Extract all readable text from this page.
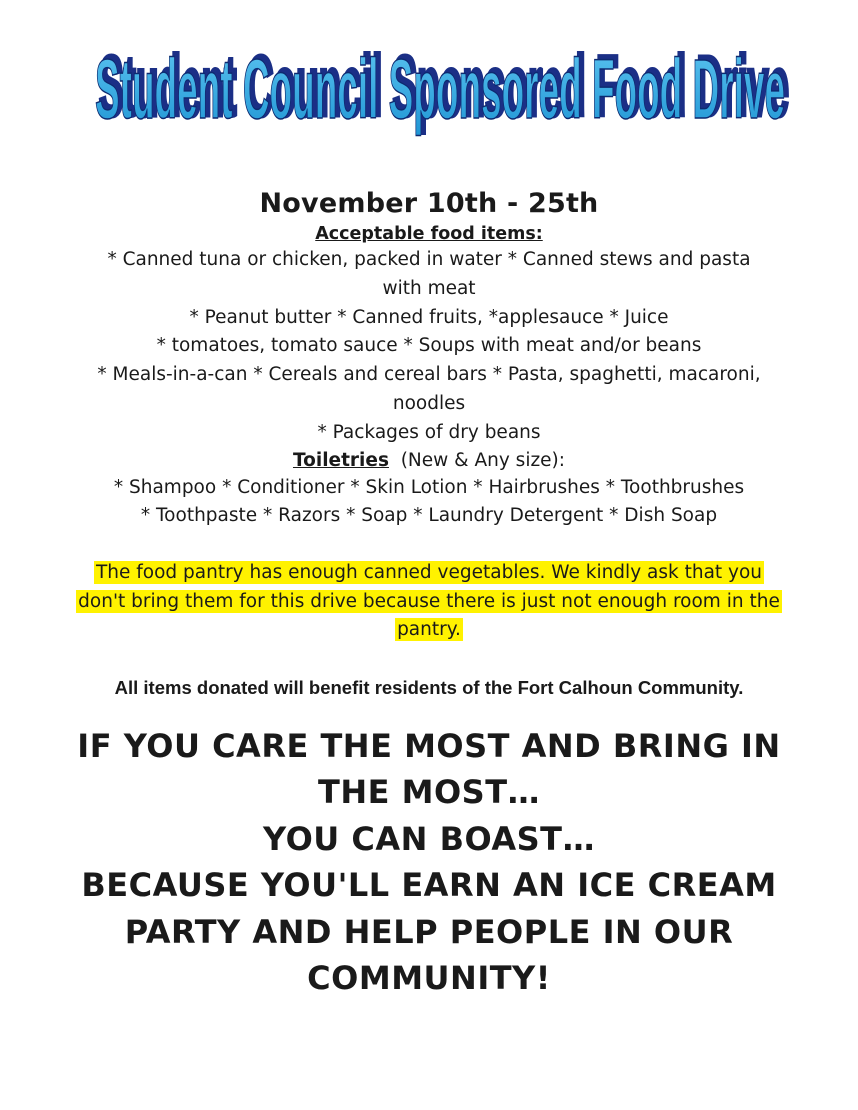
Student Council Sponsored Food Drive
Student Council Sponsored Food Drive

November 10th - 25th

Acceptable food items:

* Canned tuna or chicken, packed in water * Canned stews and pasta

with meat

* Peanut butter * Canned fruits, *applesauce * Juice

* tomatoes, tomato sauce * Soups with meat and/or beans

* Meals-in-a-can * Cereals and cereal bars * Pasta, spaghetti, macaroni,

noodles

* Packages of dry beans

Toiletries (New & Any size):

* Shampoo * Conditioner * Skin Lotion * Hairbrushes * Toothbrushes

* Toothpaste * Razors * Soap * Laundry Detergent * Dish Soap

The food pantry has enough canned vegetables. We kindly ask that you don't bring them for this drive because there is just not enough room in the pantry.

All items donated will benefit residents of the Fort Calhoun Community.

IF YOU CARE THE MOST AND BRING IN

THE MOST…

YOU CAN BOAST…

BECAUSE YOU'LL EARN AN ICE CREAM

PARTY AND HELP PEOPLE IN OUR

COMMUNITY!
